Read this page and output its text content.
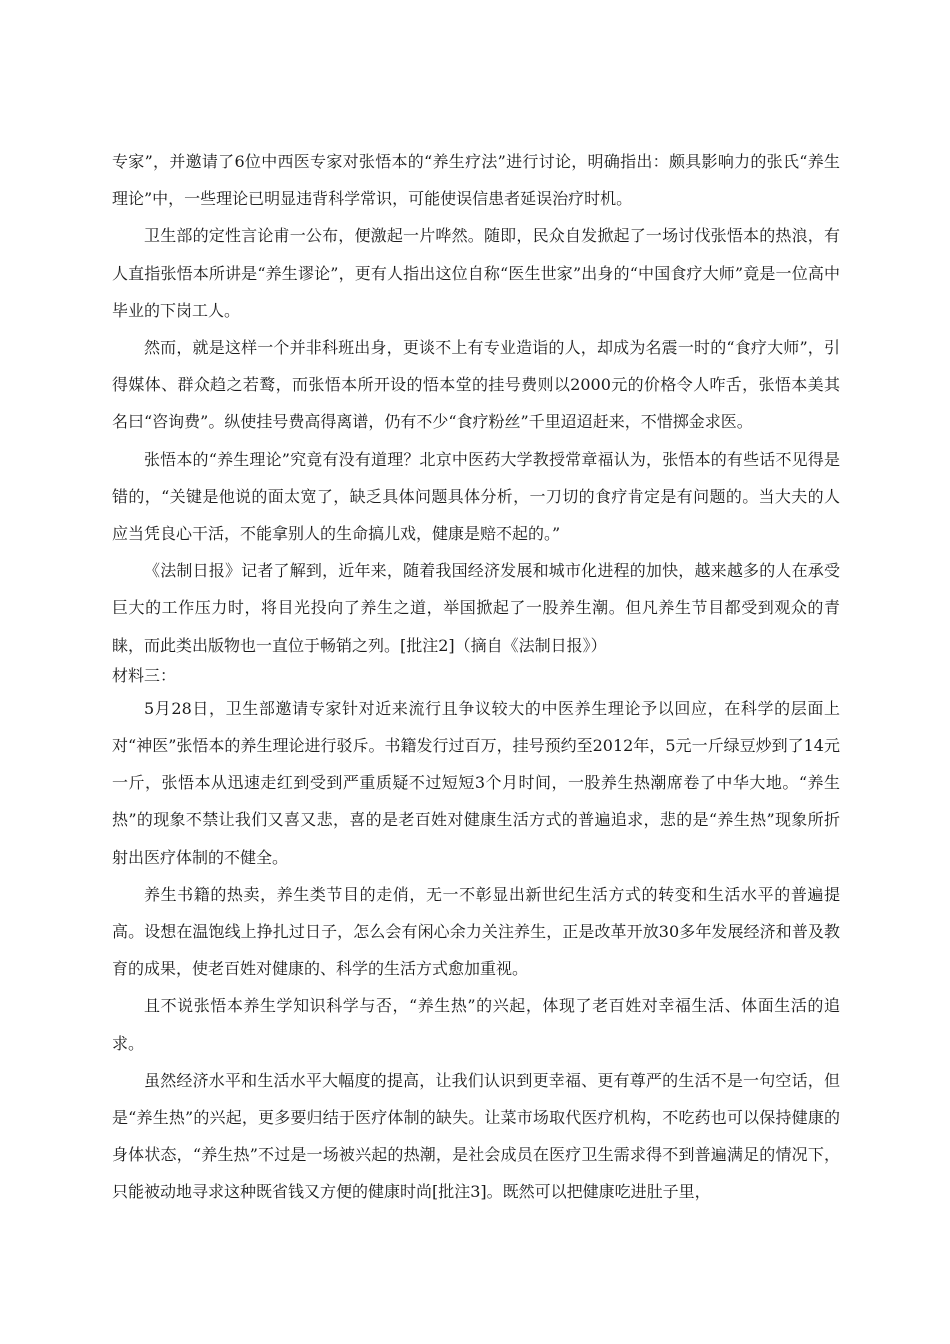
专家”，并邀请了6位中西医专家对张悟本的“养生疗法”进行讨论，明确指出：颇具影响力的张氏“养生理论”中，一些理论已明显违背科学常识，可能使误信患者延误治疗时机。

卫生部的定性言论甫一公布，便激起一片哗然。随即，民众自发掀起了一场讨伐张悟本的热浪，有人直指张悟本所讲是“养生谬论”，更有人指出这位自称“医生世家”出身的“中国食疗大师”竟是一位高中毕业的下岗工人。

然而，就是这样一个并非科班出身，更谈不上有专业造诣的人，却成为名震一时的“食疗大师”，引得媒体、群众趋之若鹜，而张悟本所开设的悟本堂的挂号费则以2000元的价格令人咋舌，张悟本美其名曰“咨询费”。纵使挂号费高得离谱，仍有不少“食疗粉丝”千里迢迢赶来，不惜掷金求医。

张悟本的“养生理论”究竟有没有道理？北京中医药大学教授常章福认为，张悟本的有些话不见得是错的，“关键是他说的面太宽了，缺乏具体问题具体分析，一刀切的食疗肯定是有问题的。当大夫的人应当凭良心干活，不能拿别人的生命搞儿戏，健康是赔不起的。”

《法制日报》记者了解到，近年来，随着我国经济发展和城市化进程的加快，越来越多的人在承受巨大的工作压力时，将目光投向了养生之道，举国掀起了一股养生潮。但凡养生节目都受到观众的青睐，而此类出版物也一直位于畅销之列。[批注2]（摘自《法制日报》）

材料三：

5月28日，卫生部邀请专家针对近来流行且争议较大的中医养生理论予以回应，在科学的层面上对“神医”张悟本的养生理论进行驳斥。书籍发行过百万，挂号预约至2012年，5元一斤绿豆炒到了14元一斤，张悟本从迅速走红到受到严重质疑不过短短3个月时间，一股养生热潮席卷了中华大地。“养生热”的现象不禁让我们又喜又悲，喜的是老百姓对健康生活方式的普遍追求，悲的是“养生热”现象所折射出医疗体制的不健全。

养生书籍的热卖，养生类节目的走俏，无一不彰显出新世纪生活方式的转变和生活水平的普遍提高。设想在温饱线上挣扎过日子，怎么会有闲心余力关注养生，正是改革开放30多年发展经济和普及教育的成果，使老百姓对健康的、科学的生活方式愈加重视。

且不说张悟本养生学知识科学与否，“养生热”的兴起，体现了老百姓对幸福生活、体面生活的追求。

虽然经济水平和生活水平大幅度的提高，让我们认识到更幸福、更有尊严的生活不是一句空话，但是“养生热”的兴起，更多要归结于医疗体制的缺失。让菜市场取代医疗机构，不吃药也可以保持健康的身体状态，“养生热”不过是一场被兴起的热潮，是社会成员在医疗卫生需求得不到普遍满足的情况下，只能被动地寻求这种既省钱又方便的健康时尚[批注3]。既然可以把健康吃进肚子里，
